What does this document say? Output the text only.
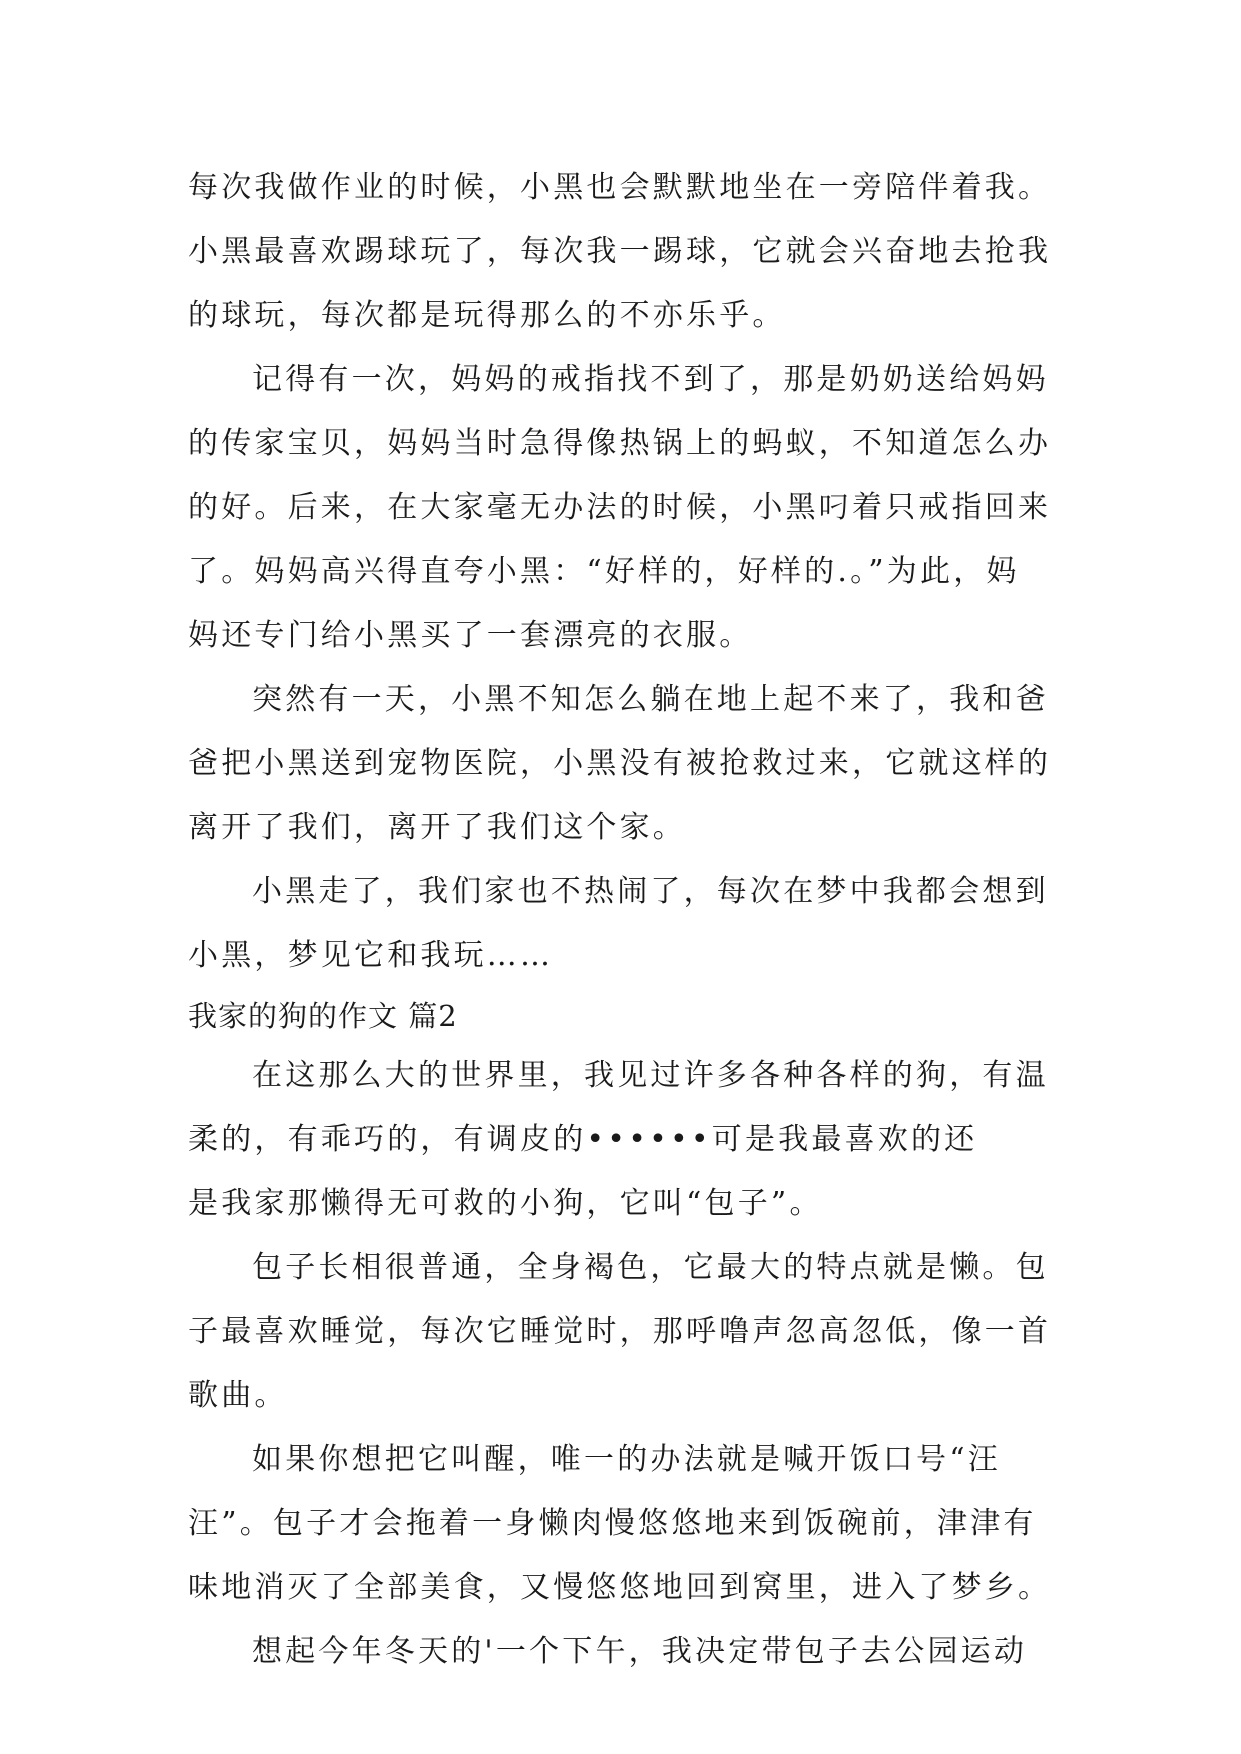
每次我做作业的时候，小黑也会默默地坐在一旁陪伴着我。
小黑最喜欢踢球玩了，每次我一踢球，它就会兴奋地去抢我
的球玩，每次都是玩得那么的不亦乐乎。
记得有一次，妈妈的戒指找不到了，那是奶奶送给妈妈
的传家宝贝，妈妈当时急得像热锅上的蚂蚁，不知道怎么办
的好。后来，在大家毫无办法的时候，小黑叼着只戒指回来
了。妈妈高兴得直夸小黑：“好样的，好样的.。”为此，妈
妈还专门给小黑买了一套漂亮的衣服。
突然有一天，小黑不知怎么躺在地上起不来了，我和爸
爸把小黑送到宠物医院，小黑没有被抢救过来，它就这样的
离开了我们，离开了我们这个家。
小黑走了，我们家也不热闹了，每次在梦中我都会想到
小黑，梦见它和我玩……
我家的狗的作文 篇2
在这那么大的世界里，我见过许多各种各样的狗，有温
柔的，有乖巧的，有调皮的••••••可是我最喜欢的还
是我家那懒得无可救的小狗，它叫“包子”。
包子长相很普通，全身褐色，它最大的特点就是懒。包
子最喜欢睡觉，每次它睡觉时，那呼噜声忽高忽低，像一首
歌曲。
如果你想把它叫醒，唯一的办法就是喊开饭口号“汪
汪”。包子才会拖着一身懒肉慢悠悠地来到饭碗前，津津有
味地消灭了全部美食，又慢悠悠地回到窝里，进入了梦乡。
想起今年冬天的'一个下午，我决定带包子去公园运动
